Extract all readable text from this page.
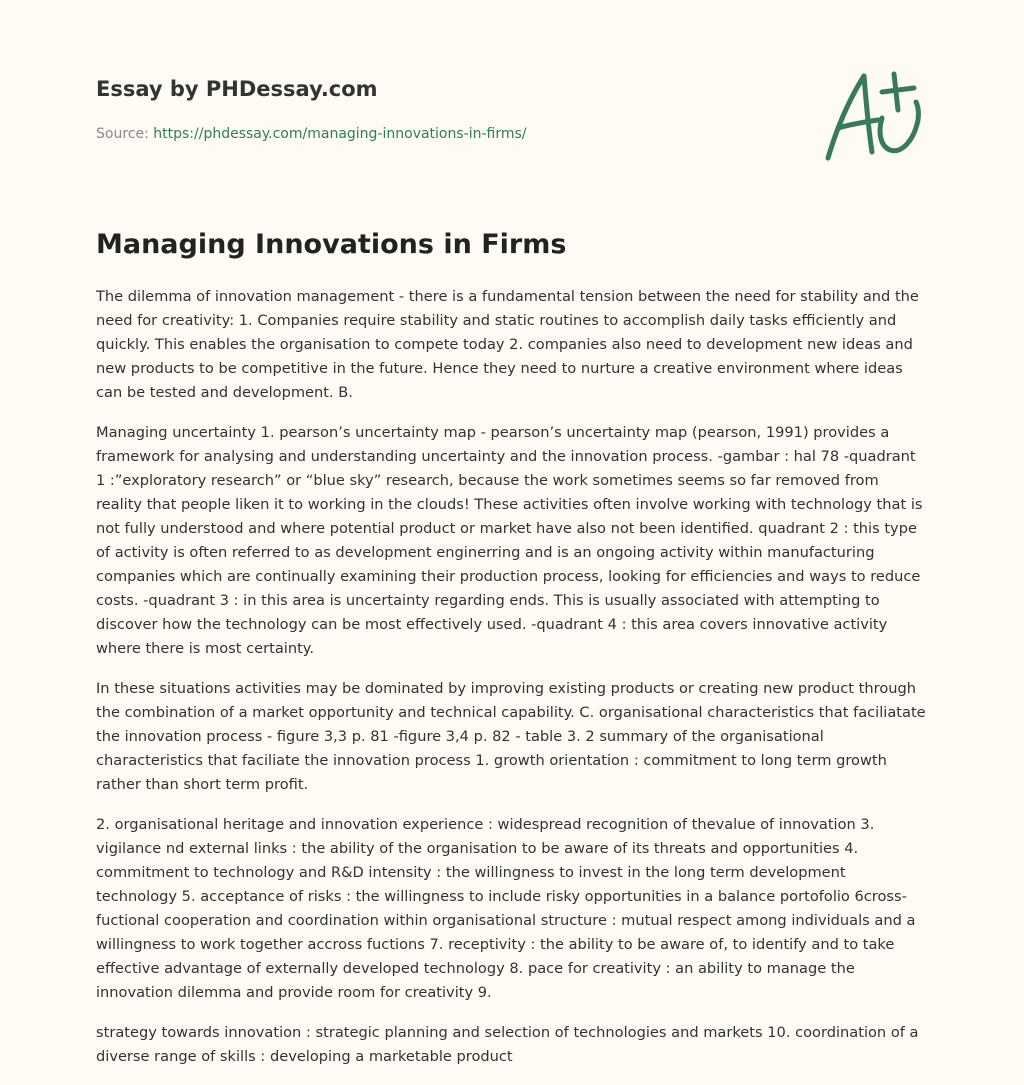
Essay by PHDessay.com
Source: https://phdessay.com/managing-innovations-in-firms/
Managing Innovations in Firms

The dilemma of innovation management - there is a fundamental tension between the need for stability and the need for creativity: 1. Companies require stability and static routines to accomplish daily tasks efficiently and quickly. This enables the organisation to compete today 2. companies also need to development new ideas and new products to be competitive in the future. Hence they need to nurture a creative environment where ideas can be tested and development. B.

Managing uncertainty 1. pearson’s uncertainty map - pearson’s uncertainty map (pearson, 1991) provides a framework for analysing and understanding uncertainty and the innovation process. -gambar : hal 78 -quadrant 1 :”exploratory research” or “blue sky” research, because the work sometimes seems so far removed from reality that people liken it to working in the clouds! These activities often involve working with technology that is not fully understood and where potential product or market have also not been identified. quadrant 2 : this type of activity is often referred to as development enginerring and is an ongoing activity within manufacturing companies which are continually examining their production process, looking for efficiencies and ways to reduce costs. -quadrant 3 : in this area is uncertainty regarding ends. This is usually associated with attempting to discover how the technology can be most effectively used. -quadrant 4 : this area covers innovative activity where there is most certainty.

In these situations activities may be dominated by improving existing products or creating new product through the combination of a market opportunity and technical capability. C. organisational characteristics that faciliatate the innovation process - figure 3,3 p. 81 -figure 3,4 p. 82 - table 3. 2 summary of the organisational characteristics that faciliate the innovation process 1. growth orientation : commitment to long term growth rather than short term profit.

2. organisational heritage and innovation experience : widespread recognition of thevalue of innovation 3. vigilance nd external links : the ability of the organisation to be aware of its threats and opportunities 4. commitment to technology and R&D intensity : the willingness to invest in the long term development technology 5. acceptance of risks : the willingness to include risky opportunities in a balance portofolio 6cross-fuctional cooperation and coordination within organisational structure : mutual respect among individuals and a willingness to work together accross fuctions 7. receptivity : the ability to be aware of, to identify and to take effective advantage of externally developed technology 8. pace for creativity : an ability to manage the innovation dilemma and provide room for creativity 9.

strategy towards innovation : strategic planning and selection of technologies and markets 10. coordination of a diverse range of skills : developing a marketable product
